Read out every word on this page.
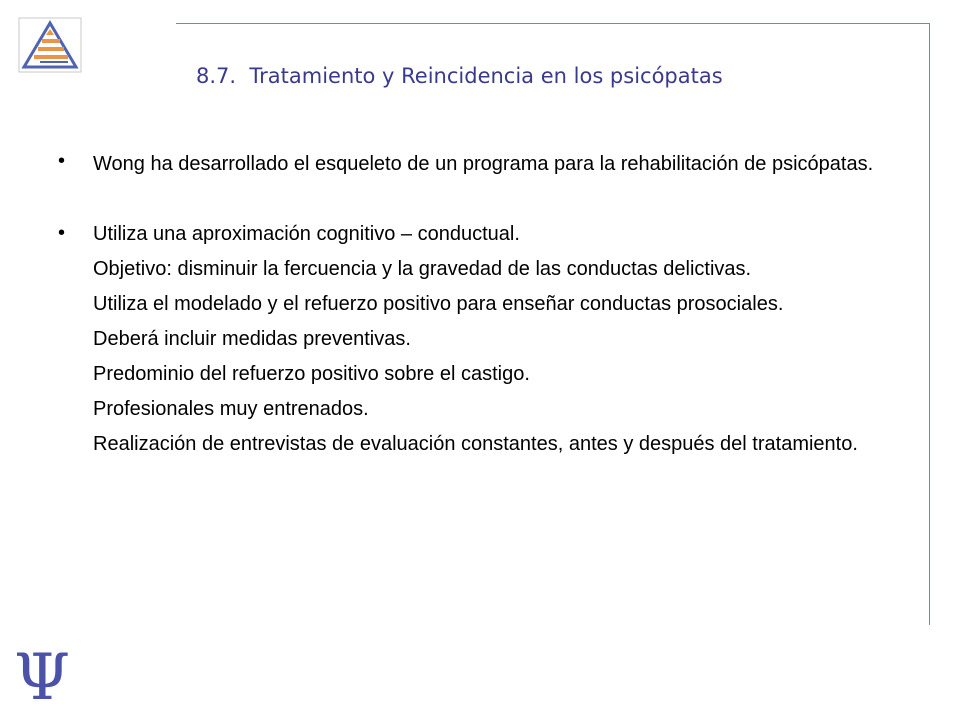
8.7.  Tratamiento y Reincidencia en los psicópatas
• Wong ha desarrollado el esqueleto de un programa para la rehabilitación de psicópatas.
• Utiliza una aproximación cognitivo – conductual.
Objetivo: disminuir la fercuencia y la gravedad de las conductas delictivas.
Utiliza el modelado y el refuerzo positivo para enseñar conductas prosociales.
Deberá incluir medidas preventivas.
Predominio del refuerzo positivo sobre el castigo.
Profesionales muy entrenados.
Realización de entrevistas de evaluación constantes, antes y después del tratamiento.
Ψ
